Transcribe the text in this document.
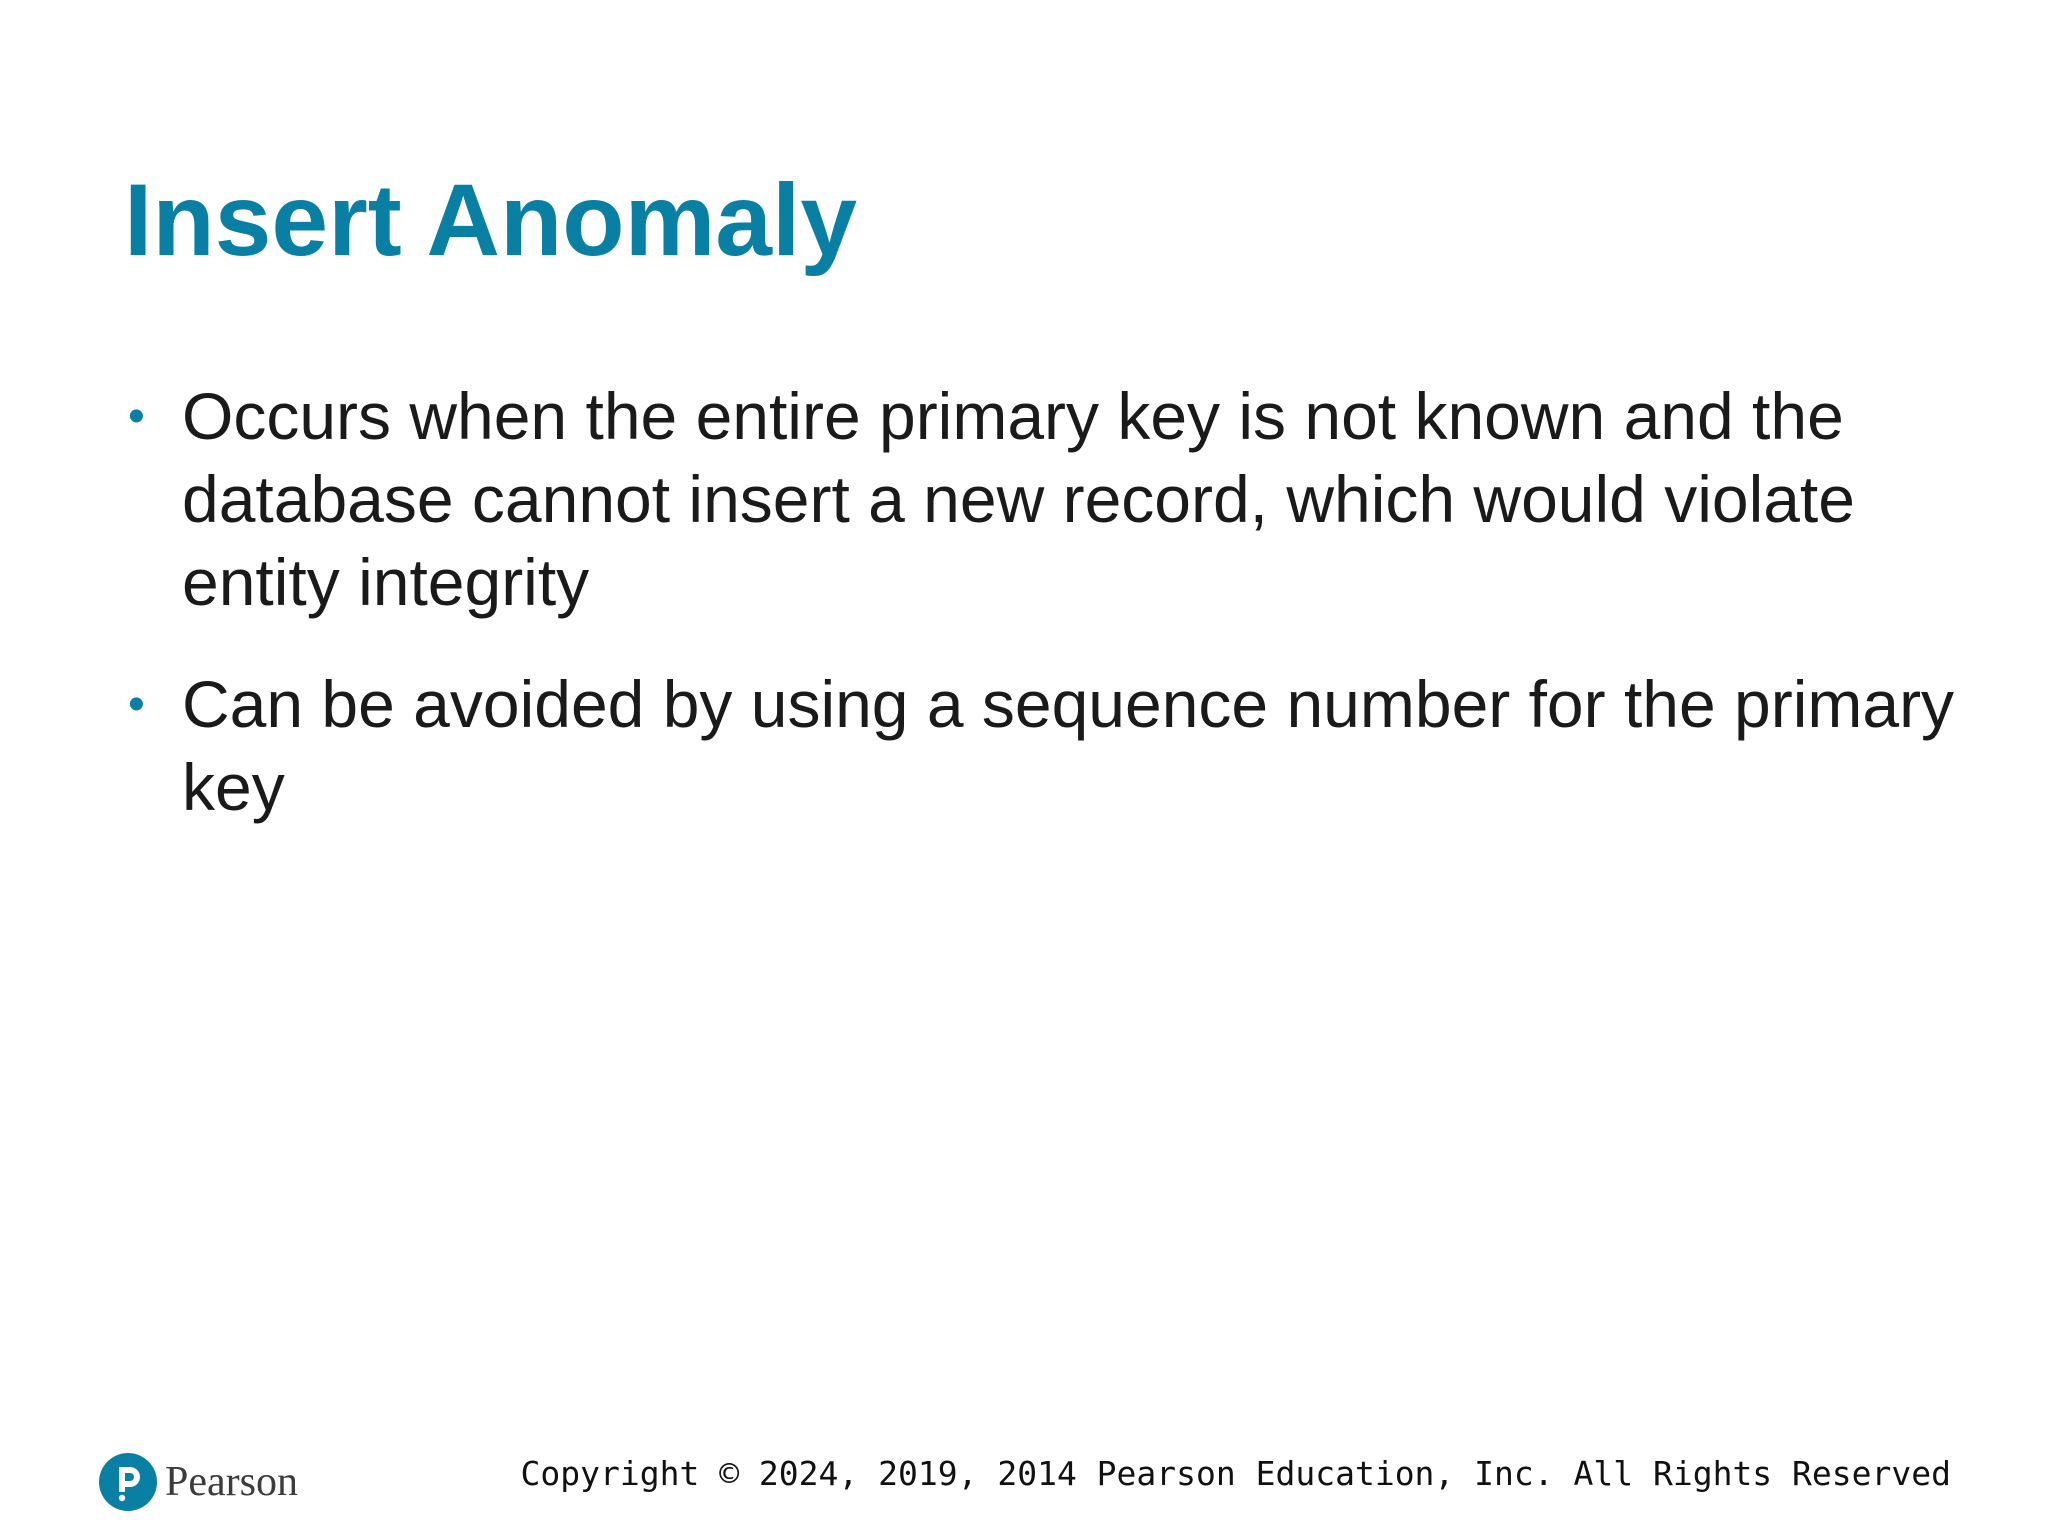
Insert Anomaly
• Occurs when the entire primary key is not known and the database cannot insert a new record, which would violate entity integrity
• Can be avoided by using a sequence number for the primary key
Pearson	Copyright © 2024, 2019, 2014 Pearson Education, Inc. All Rights Reserved
